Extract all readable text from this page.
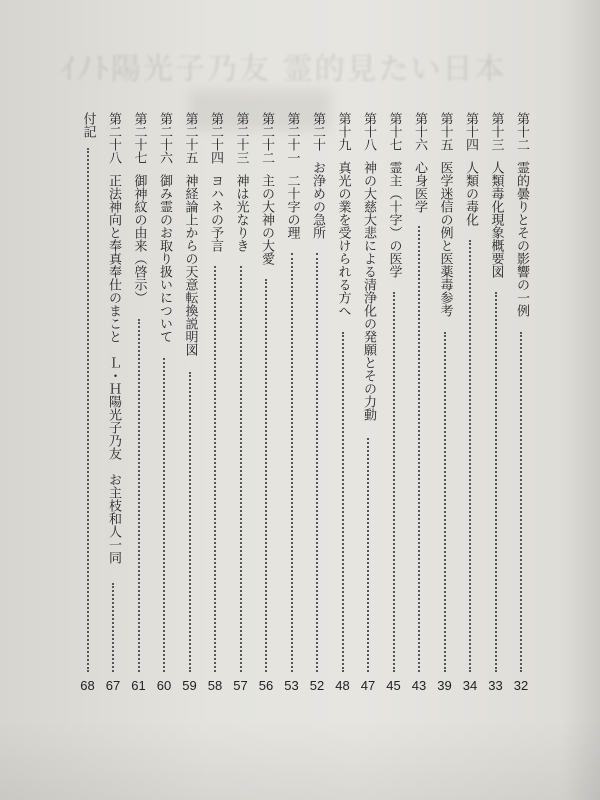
ｲﾉﾄ陽光子乃友 霊的見たい日本
第十二霊的曇りとその影響の一例
32
第十三人類毒化現象概要図
33
第十四人類の毒化
34
第十五医学迷信の例と医薬毒参考
39
第十六心身医学
43
第十七霊主（十字）の医学
45
第十八神の大慈大悲による清浄化の発願とその力動
47
第十九真光の業を受けられる方へ
48
第二十お浄めの急所
52
第二十一二十字の理
53
第二十二主の大神の大愛
56
第二十三神は光なりき
57
第二十四ヨハネの予言
58
第二十五神経論上からの天意転換説明図
59
第二十六御み霊のお取り扱いについて
60
第二十七御神紋の由来（啓示）
61
第二十八正法神向と奉真奉仕のまこと　Ｌ・Ｈ陽光子乃友　お主枝和人一同
67
付記
68
